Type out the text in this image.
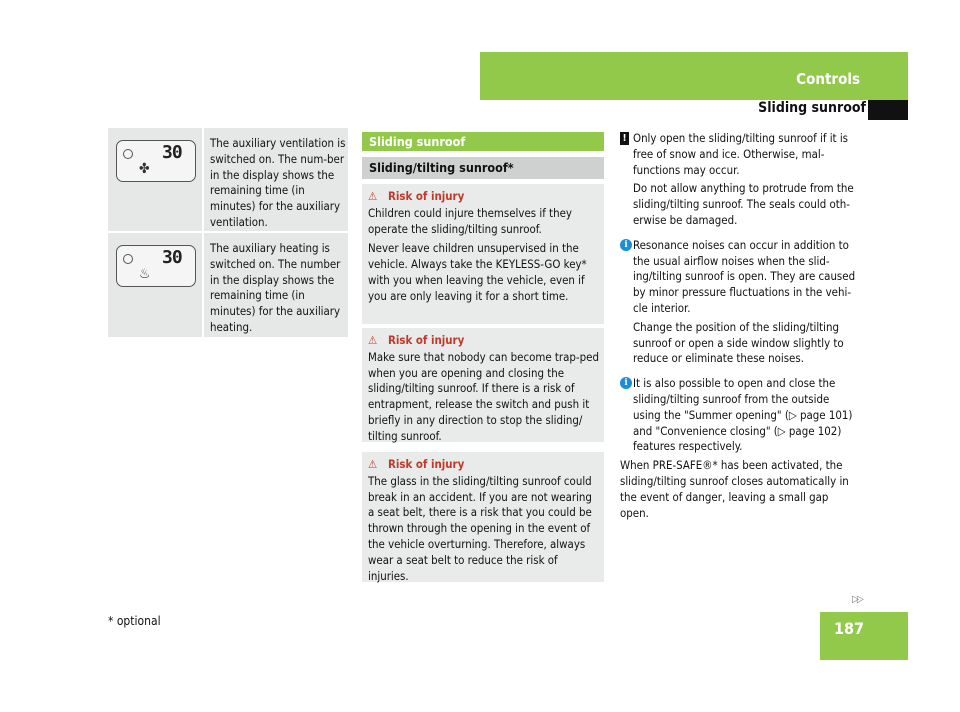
Controls
Sliding sunroof
30
✤
The auxiliary ventilation is switched on. The num-ber in the display shows the remaining time (in minutes) for the auxiliary ventilation.
30
♨
The auxiliary heating is switched on. The number in the display shows the remaining time (in minutes) for the auxiliary heating.
Sliding sunroof
Sliding/tilting sunroof*
⚠ Risk of injury

Children could injure themselves if they operate the sliding/tilting sunroof.

Never leave children unsupervised in the vehicle. Always take the KEYLESS-GO key* with you when leaving the vehicle, even if you are only leaving it for a short time.

⚠ Risk of injury

Make sure that nobody can become trap-ped when you are opening and closing the sliding/tilting sunroof. If there is a risk of entrapment, release the switch and push it briefly in any direction to stop the sliding/ tilting sunroof.

⚠ Risk of injury

The glass in the sliding/tilting sunroof could break in an accident. If you are not wearing a seat belt, there is a risk that you could be thrown through the opening in the event of the vehicle overturning. Therefore, always wear a seat belt to reduce the risk of injuries.

! Only open the sliding/tilting sunroof if it is free of snow and ice. Otherwise, mal-functions may occur.
Do not allow anything to protrude from the sliding/tilting sunroof. The seals could oth-erwise be damaged.
i Resonance noises can occur in addition to the usual airflow noises when the slid-ing/tilting sunroof is open. They are caused by minor pressure fluctuations in the vehi-cle interior.
Change the position of the sliding/tilting sunroof or open a side window slightly to reduce or eliminate these noises.
i It is also possible to open and close the sliding/tilting sunroof from the outside using the "Summer opening" (▷ page 101) and "Convenience closing" (▷ page 102) features respectively.
When PRE-SAFE®* has been activated, the sliding/tilting sunroof closes automatically in the event of danger, leaving a small gap open.
▷▷
187
* optional
